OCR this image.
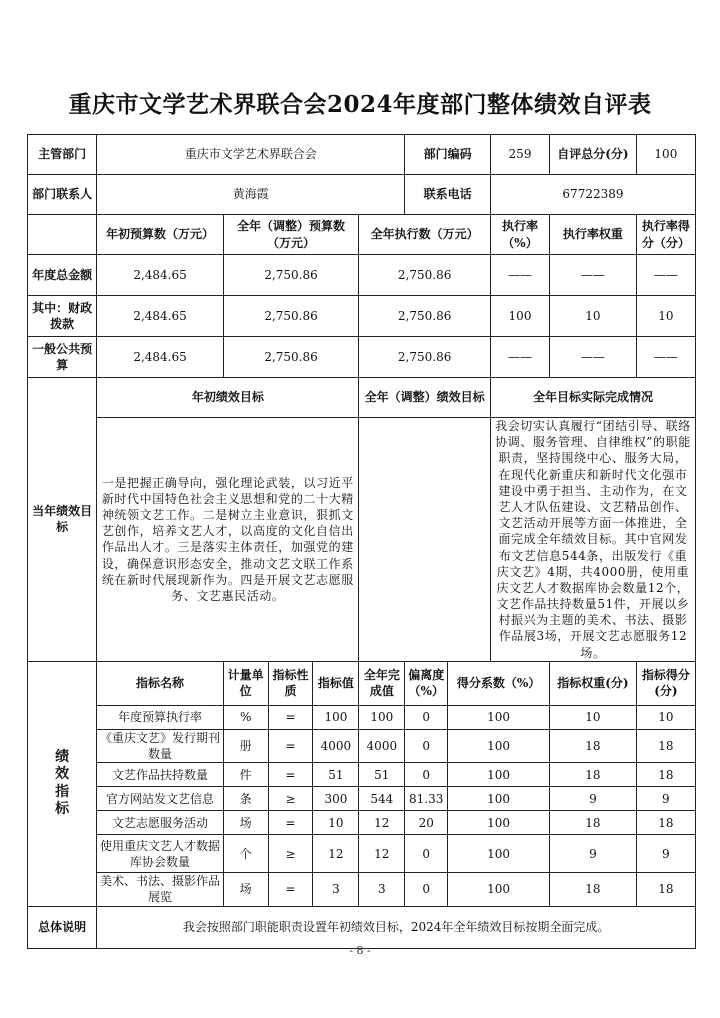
重庆市文学艺术界联合会2024年度部门整体绩效自评表
主管部门	重庆市文学艺术界联合会					部门编码		259	自评总分(分)	100
部门联系人	黄海霞					联系电话		67722389		
	年初预算数（万元）	全年（调整）预算数（万元）			全年执行数（万元）			执行率（%）	执行率权重	执行率得分（分）
年度总金额	2,484.65	2,750.86			2,750.86			——	——	——
其中：财政拨款	2,484.65	2,750.86			2,750.86			100	10	10
一般公共预算	2,484.65	2,750.86			2,750.86			——	——	——
当年绩效目标	年初绩效目标				全年（调整）绩效目标			全年目标实际完成情况		
	一是把握正确导向，强化理论武装，以习近平新时代中国特色社会主义思想和党的二十大精神统领文艺工作。二是树立主业意识，狠抓文艺创作，培养文艺人才，以高度的文化自信出作品出人才。三是落实主体责任，加强党的建设，确保意识形态安全，推动文艺文联工作系统在新时代展现新作为。四是开展文艺志愿服务、文艺惠民活动。							我会切实认真履行“团结引导、联络协调、服务管理、自律维权”的职能职责，坚持围绕中心、服务大局，在现代化新重庆和新时代文化强市建设中勇于担当、主动作为，在文艺人才队伍建设、文艺精品创作、文艺活动开展等方面一体推进，全面完成全年绩效目标。其中官网发布文艺信息544条，出版发行《重庆文艺》4期，共4000册，使用重庆文艺人才数据库协会数量12个，文艺作品扶持数量51件，开展以乡村振兴为主题的美术、书法、摄影作品展3场，开展文艺志愿服务12场。		

绩效指标	指标名称	计量单位	指标性质	指标值	全年完成值	偏离度（%）	得分系数（%）		指标权重(分)	指标得分(分)
	年度预算执行率	%	=	100	100	0	100		10	10
	《重庆文艺》发行期刊数量	册	=	4000	4000	0	100		18	18
	文艺作品扶持数量	件	=	51	51	0	100		18	18
	官方网站发文艺信息	条	≥	300	544	81.33	100		9	9
	文艺志愿服务活动	场	=	10	12	20	100		18	18
	使用重庆文艺人才数据库协会数量	个	≥	12	12	0	100		9	9
	美术、书法、摄影作品展览	场	=	3	3	0	100		18	18
总体说明	我会按照部门职能职责设置年初绩效目标，2024年全年绩效目标按期全面完成。									
- 8 -
